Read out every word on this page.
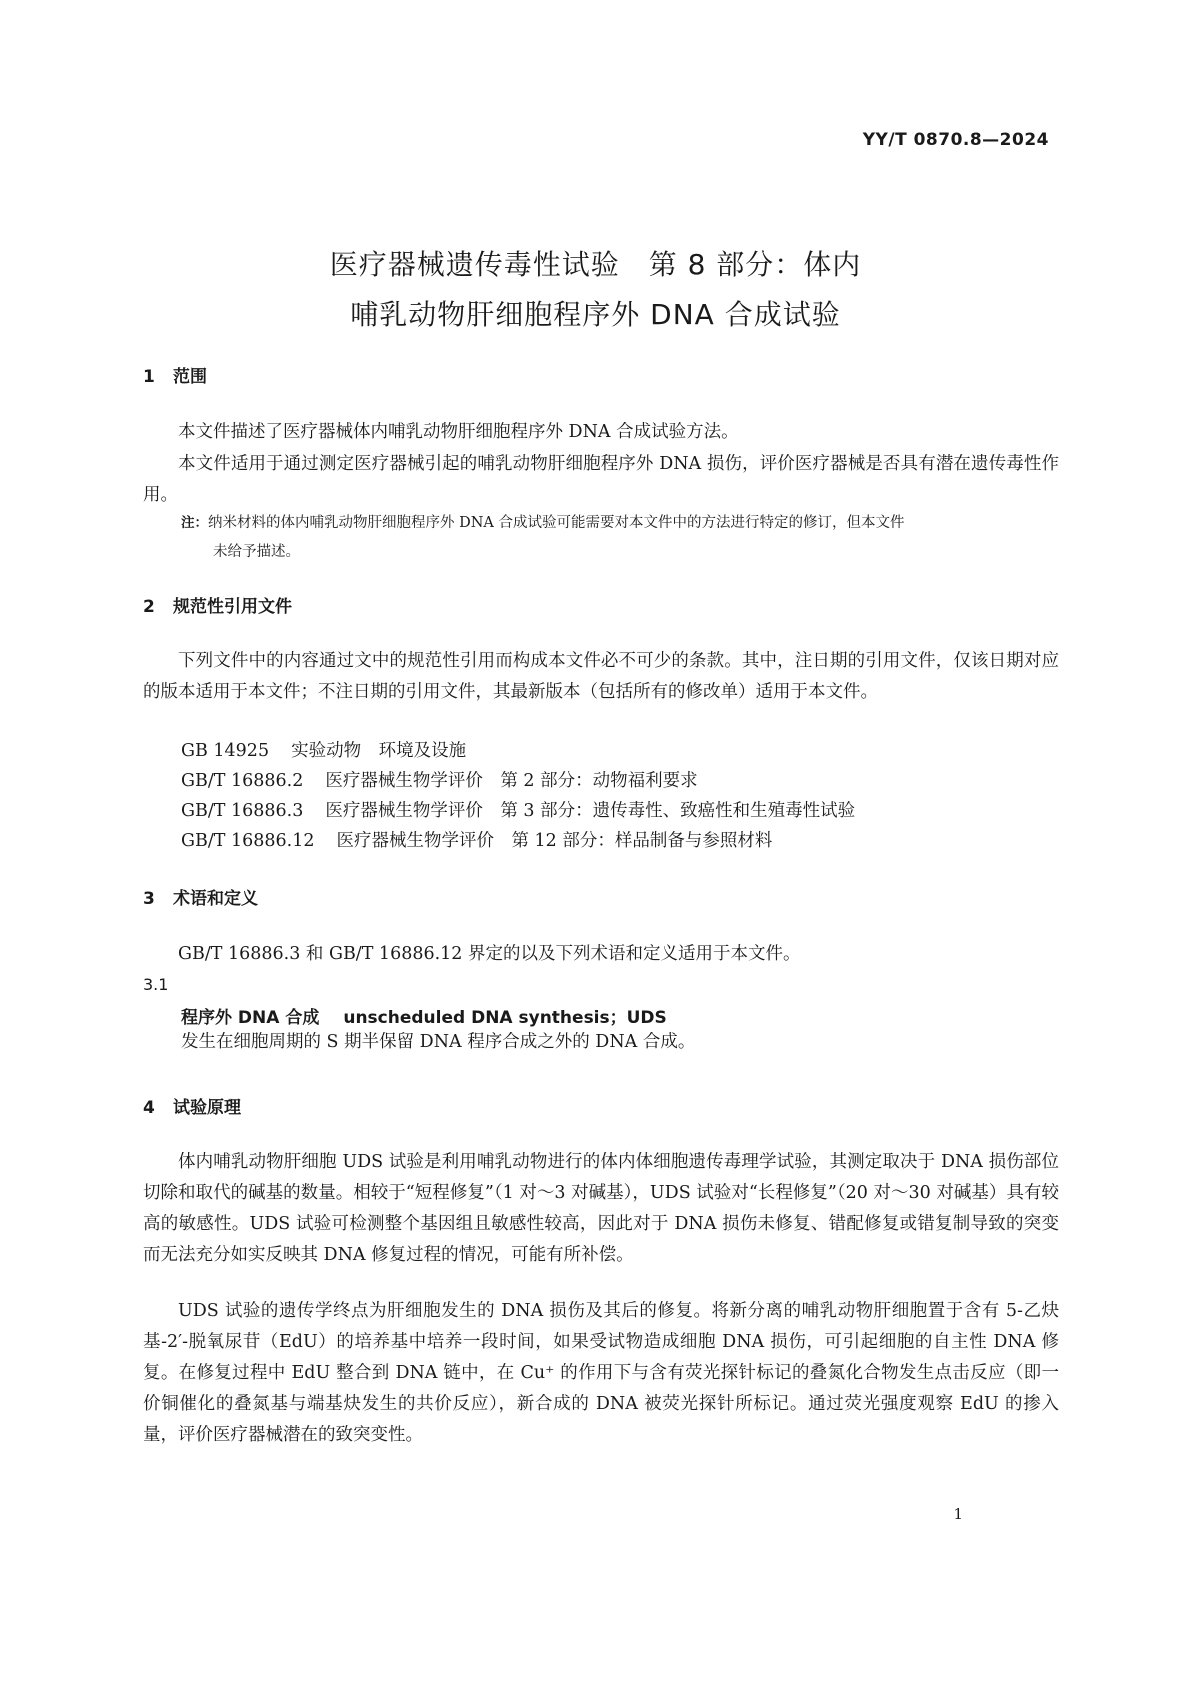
YY/T 0870.8—2024
医疗器械遗传毒性试验　第 8 部分：体内
哺乳动物肝细胞程序外 DNA 合成试验
1 范围
本文件描述了医疗器械体内哺乳动物肝细胞程序外 DNA 合成试验方法。
本文件适用于通过测定医疗器械引起的哺乳动物肝细胞程序外 DNA 损伤，评价医疗器械是否具有潜在遗传毒性作用。
注：纳米材料的体内哺乳动物肝细胞程序外 DNA 合成试验可能需要对本文件中的方法进行特定的修订，但本文件
未给予描述。
2 规范性引用文件
下列文件中的内容通过文中的规范性引用而构成本文件必不可少的条款。其中，注日期的引用文件，仅该日期对应的版本适用于本文件；不注日期的引用文件，其最新版本（包括所有的修改单）适用于本文件。
GB 14925 实验动物　环境及设施
GB/T 16886.2 医疗器械生物学评价　第 2 部分：动物福利要求
GB/T 16886.3 医疗器械生物学评价　第 3 部分：遗传毒性、致癌性和生殖毒性试验
GB/T 16886.12 医疗器械生物学评价　第 12 部分：样品制备与参照材料
3 术语和定义
GB/T 16886.3 和 GB/T 16886.12 界定的以及下列术语和定义适用于本文件。
3.1
程序外 DNA 合成 unscheduled DNA synthesis；UDS
发生在细胞周期的 S 期半保留 DNA 程序合成之外的 DNA 合成。
4 试验原理
体内哺乳动物肝细胞 UDS 试验是利用哺乳动物进行的体内体细胞遗传毒理学试验，其测定取决于 DNA 损伤部位切除和取代的碱基的数量。相较于“短程修复”（1 对～3 对碱基），UDS 试验对“长程修复”（20 对～30 对碱基）具有较高的敏感性。UDS 试验可检测整个基因组且敏感性较高，因此对于 DNA 损伤未修复、错配修复或错复制导致的突变而无法充分如实反映其 DNA 修复过程的情况，可能有所补偿。
UDS 试验的遗传学终点为肝细胞发生的 DNA 损伤及其后的修复。将新分离的哺乳动物肝细胞置于含有 5-乙炔基-2′-脱氧尿苷（EdU）的培养基中培养一段时间，如果受试物造成细胞 DNA 损伤，可引起细胞的自主性 DNA 修复。在修复过程中 EdU 整合到 DNA 链中，在 Cu⁺ 的作用下与含有荧光探针标记的叠氮化合物发生点击反应（即一价铜催化的叠氮基与端基炔发生的共价反应），新合成的 DNA 被荧光探针所标记。通过荧光强度观察 EdU 的掺入量，评价医疗器械潜在的致突变性。
1
